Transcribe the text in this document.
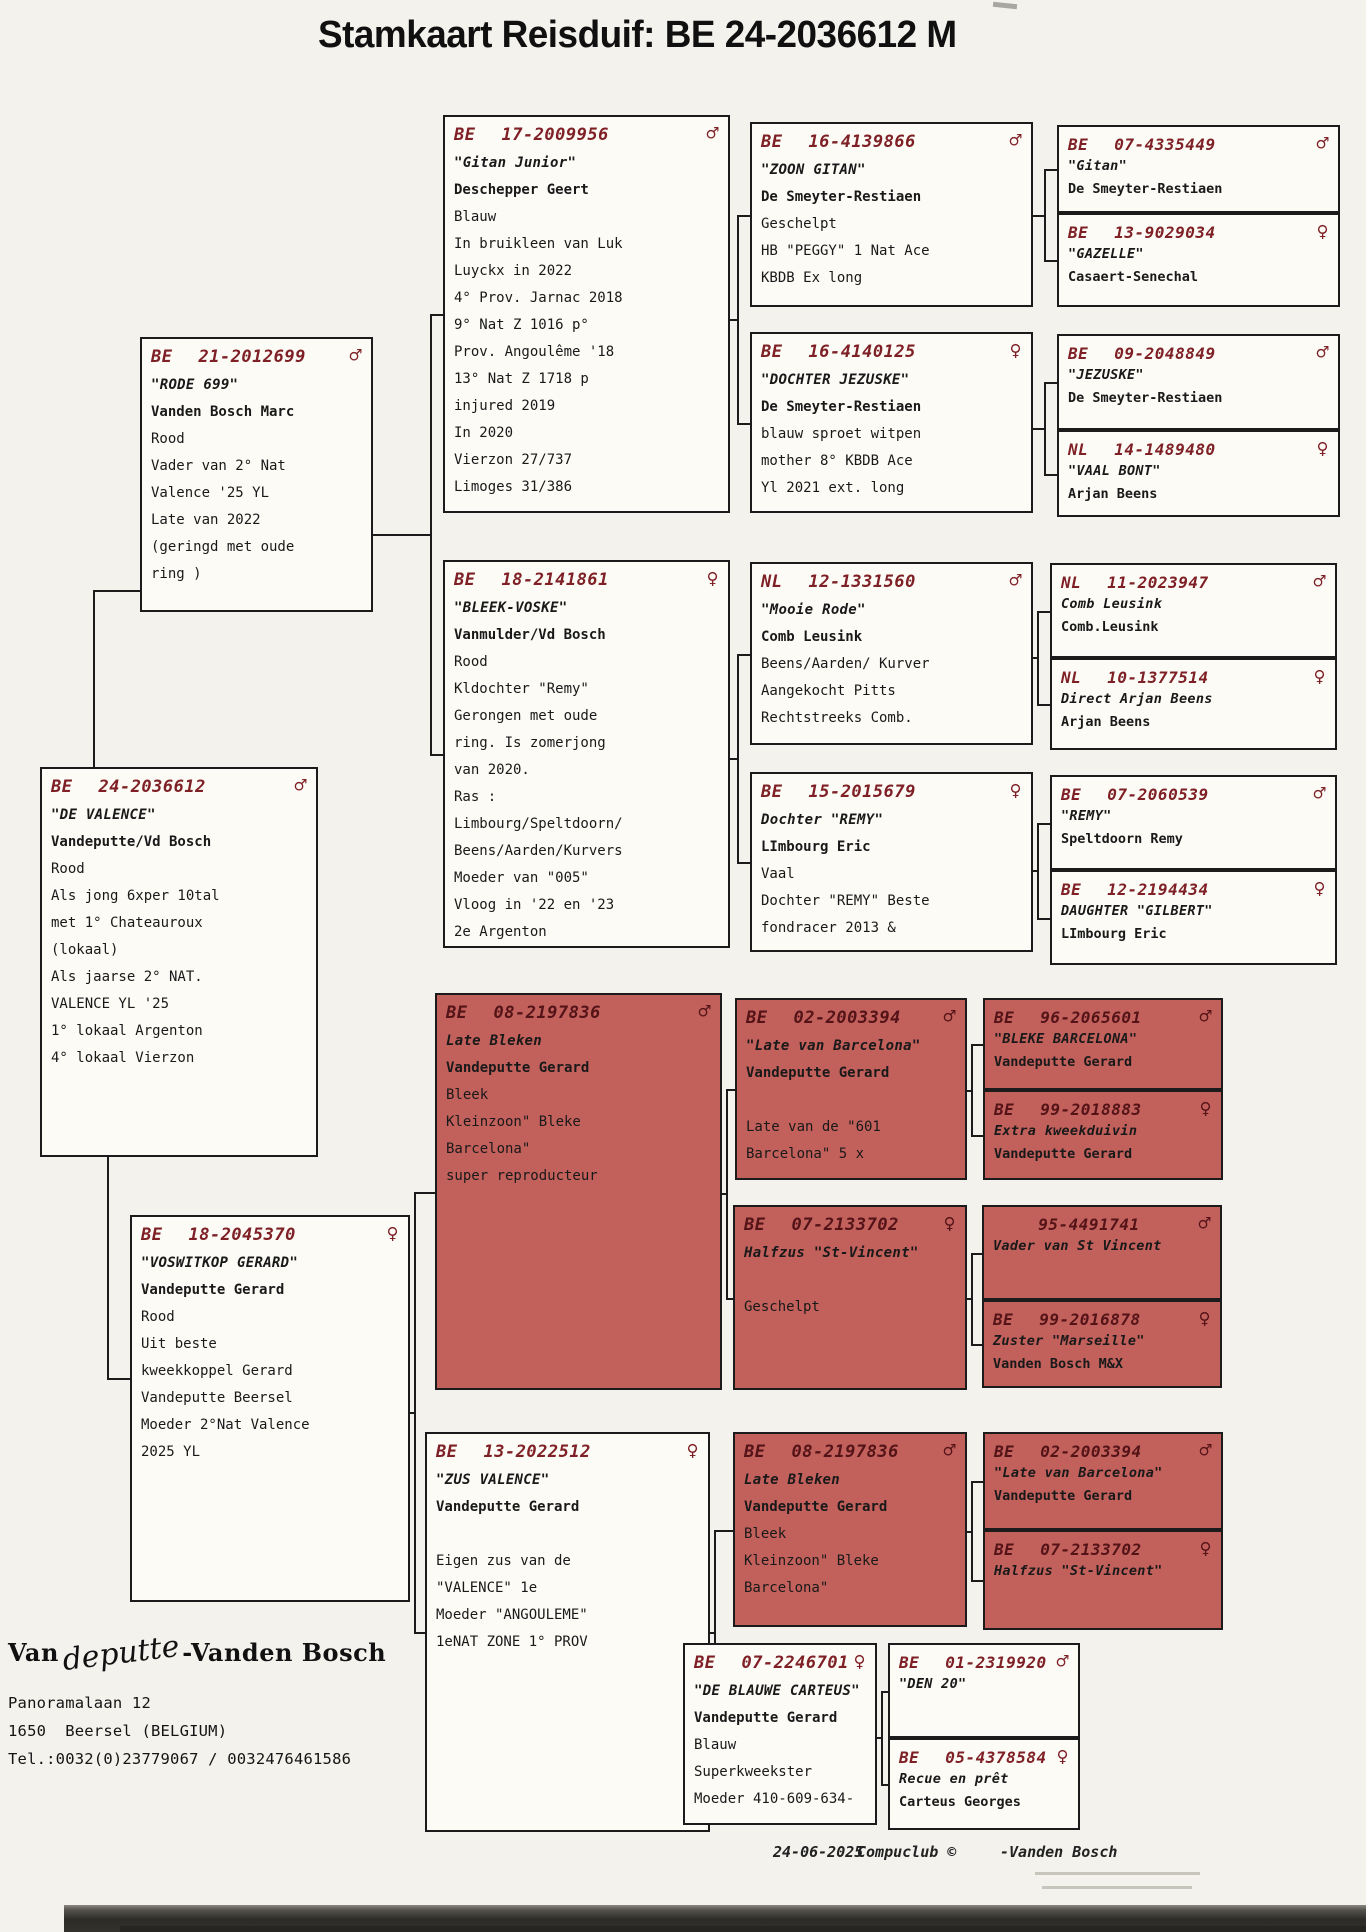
Stamkaart Reisduif: BE 24-2036612 M
Vandeputte-Vanden Bosch
Panoramalaan 12
1650  Beersel (BELGIUM)
Tel.:0032(0)23779067 / 0032476461586
24-06-2025
Compuclub ©	-Vanden Bosch
BE 24-2036612	♂
"DE VALENCE"
Vandeputte/Vd Bosch
Rood
Als jong 6xper 10tal
met 1° Chateauroux
(lokaal)
Als jaarse 2° NAT.
VALENCE YL '25
1° lokaal Argenton
4° lokaal Vierzon
BE 21-2012699 ♂
"RODE 699"
Vanden Bosch Marc
Rood
Vader van 2° Nat
Valence '25 YL
Late van 2022
(geringd met oude
ring )
BE 18-2045370	♀
"VOSWITKOP GERARD"
Vandeputte Gerard
Rood
Uit beste
kweekkoppel Gerard
Vandeputte Beersel
Moeder 2°Nat Valence
2025 YL
BE 17-2009956	♂
"Gitan Junior"
Deschepper Geert
Blauw
In bruikleen van Luk
Luyckx in 2022
4° Prov. Jarnac 2018
9° Nat Z 1016 p°
Prov. Angoulême '18
13° Nat Z 1718 p
injured 2019
In 2020
Vierzon 27/737
Limoges 31/386
BE 18-2141861	♀
"BLEEK-VOSKE"
Vanmulder/Vd Bosch
Rood
Kldochter "Remy"
Gerongen met oude
ring. Is zomerjong
van 2020.
Ras :
Limbourg/Speltdoorn/
Beens/Aarden/Kurvers
Moeder van "005"
Vloog in '22 en '23
2e Argenton
BE 08-2197836	♂
Late Bleken
Vandeputte Gerard
Bleek
Kleinzoon" Bleke
Barcelona"
super reproducteur
BE 13-2022512	♀
"ZUS VALENCE"
Vandeputte Gerard

Eigen zus van de
"VALENCE" 1e
Moeder "ANGOULEME"
1eNAT ZONE 1° PROV
BE 16-4139866	♂
"ZOON GITAN"
De Smeyter-Restiaen
Geschelpt
HB "PEGGY" 1 Nat Ace
KBDB Ex long
BE 16-4140125	♀
"DOCHTER JEZUSKE"
De Smeyter-Restiaen
blauw sproet witpen
mother 8° KBDB Ace
Yl 2021 ext. long
NL 12-1331560	♂
"Mooie Rode"
Comb Leusink
Beens/Aarden/ Kurver
Aangekocht Pitts
Rechtstreeks Comb.
BE 15-2015679	♀
Dochter "REMY"
LImbourg Eric
Vaal
Dochter "REMY" Beste
fondracer 2013 &
BE 02-2003394 ♂
"Late van Barcelona"
Vandeputte Gerard

Late van de "601
Barcelona" 5 x
BE 07-2133702 ♀
Halfzus "St-Vincent"

Geschelpt
BE 08-2197836 ♂
Late Bleken
Vandeputte Gerard
Bleek
Kleinzoon" Bleke
Barcelona"
BE 07-2246701 ♀
"DE BLAUWE CARTEUS"
Vandeputte Gerard
Blauw
Superkweekster
Moeder 410-609-634-
BE 07-4335449	♂
"Gitan"
De Smeyter-Restiaen
BE 13-9029034	♀
"GAZELLE"
Casaert-Senechal
BE 09-2048849	♂
"JEZUSKE"
De Smeyter-Restiaen
NL 14-1489480	♀
"VAAL BONT"
Arjan Beens
NL 11-2023947	♂
Comb Leusink
Comb.Leusink
NL 10-1377514	♀
Direct Arjan Beens
Arjan Beens
BE 07-2060539	♂
"REMY"
Speltdoorn Remy
BE 12-2194434	♀
DAUGHTER "GILBERT"
LImbourg Eric
BE 96-2065601	♂
"BLEKE BARCELONA"
Vandeputte Gerard
BE 99-2018883	♀
Extra kweekduivin
Vandeputte Gerard
95-4491741	♂
Vader van St Vincent
BE 99-2016878	♀
Zuster "Marseille"
Vanden Bosch M&X
BE 02-2003394	♂
"Late van Barcelona"
Vandeputte Gerard
BE 07-2133702	♀
Halfzus "St-Vincent"
BE 01-2319920 ♂
"DEN 20"
BE 05-4378584 ♀
Recue en prêt
Carteus Georges
